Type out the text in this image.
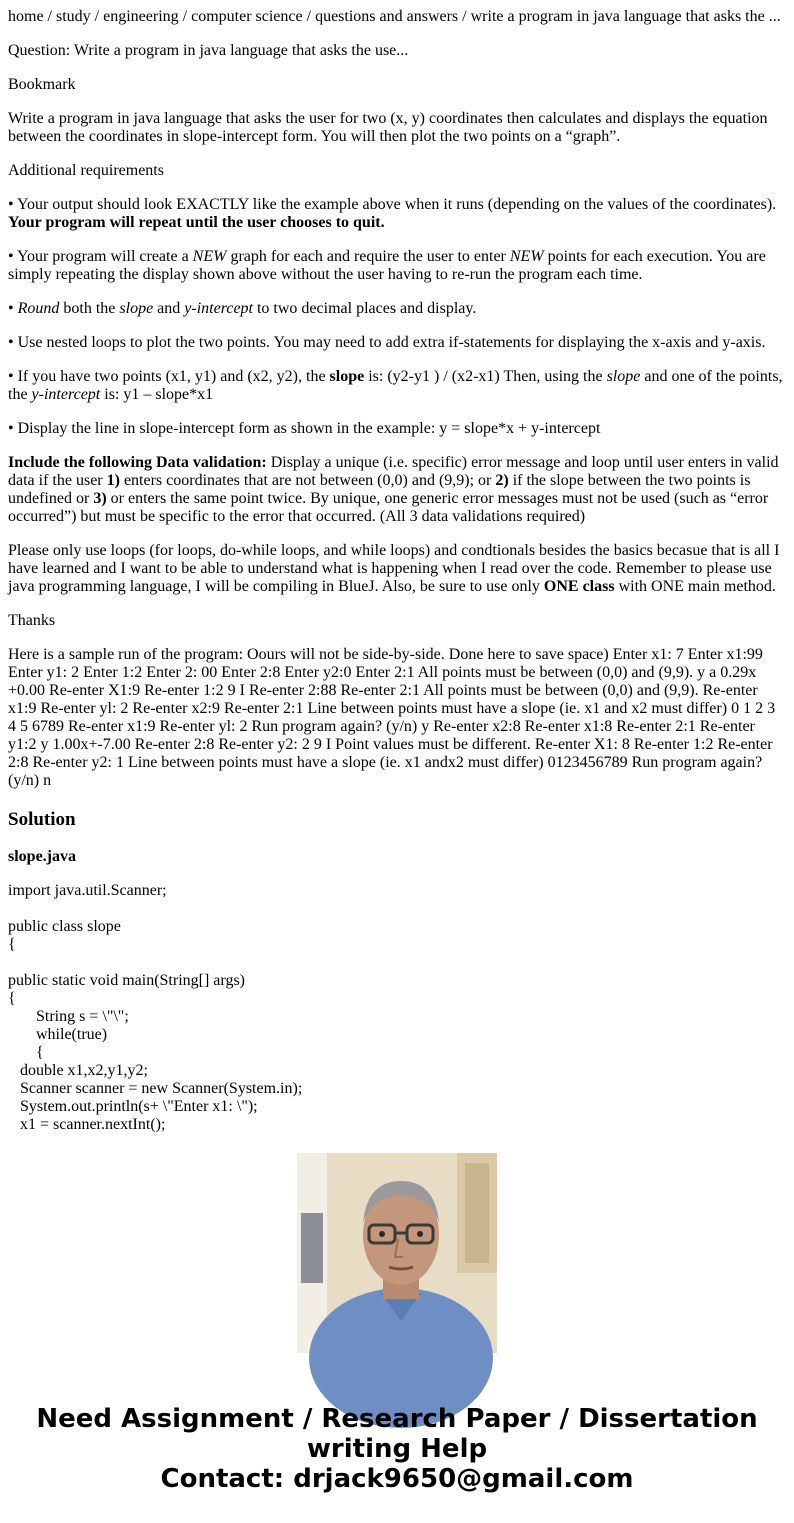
home / study / engineering / computer science / questions and answers / write a program in java language that asks the ...

Question: Write a program in java language that asks the use...

Bookmark

Write a program in java language that asks the user for two (x, y) coordinates then calculates and displays the equation between the coordinates in slope-intercept form. You will then plot the two points on a “graph”.

Additional requirements

• Your output should look EXACTLY like the example above when it runs (depending on the values of the coordinates). Your program will repeat until the user chooses to quit.

• Your program will create a NEW graph for each and require the user to enter NEW points for each execution. You are simply repeating the display shown above without the user having to re-run the program each time.

• Round both the slope and y-intercept to two decimal places and display.

• Use nested loops to plot the two points. You may need to add extra if-statements for displaying the x-axis and y-axis.

• If you have two points (x1, y1) and (x2, y2), the slope is: (y2-y1 ) / (x2-x1) Then, using the slope and one of the points, the y-intercept is: y1 – slope*x1

• Display the line in slope-intercept form as shown in the example: y = slope*x + y-intercept

Include the following Data validation: Display a unique (i.e. specific) error message and loop until user enters in valid data if the user 1) enters coordinates that are not between (0,0) and (9,9); or 2) if the slope between the two points is undefined or 3) or enters the same point twice. By unique, one generic error messages must not be used (such as “error occurred”) but must be specific to the error that occurred. (All 3 data validations required)

Please only use loops (for loops, do-while loops, and while loops) and condtionals besides the basics becasue that is all I have learned and I want to be able to understand what is happening when I read over the code. Remember to please use java programming language, I will be compiling in BlueJ. Also, be sure to use only ONE class with ONE main method.

Thanks

Here is a sample run of the program: Oours will not be side-by-side. Done here to save space) Enter x1: 7 Enter x1:99 Enter y1: 2 Enter 1:2 Enter 2: 00 Enter 2:8 Enter y2:0 Enter 2:1 All points must be between (0,0) and (9,9). y a 0.29x +0.00 Re-enter X1:9 Re-enter 1:2 9 I Re-enter 2:88 Re-enter 2:1 All points must be between (0,0) and (9,9). Re-enter x1:9 Re-enter yl: 2 Re-enter x2:9 Re-enter 2:1 Line between points must have a slope (ie. x1 and x2 must differ) 0 1 2 3 4 5 6789 Re-enter x1:9 Re-enter yl: 2 Run program again? (y/n) y Re-enter x2:8 Re-enter x1:8 Re-enter 2:1 Re-enter y1:2 y 1.00x+-7.00 Re-enter 2:8 Re-enter y2: 2 9 I Point values must be different. Re-enter X1: 8 Re-enter 1:2 Re-enter 2:8 Re-enter y2: 1 Line between points must have a slope (ie. x1 andx2 must differ) 0123456789 Run program again? (y/n) n

Solution

slope.java

import java.util.Scanner;

public class slope

{

public static void main(String[] args)

{

String s = \"\";

while(true)

{

double x1,x2,y1,y2;

Scanner scanner = new Scanner(System.in);

System.out.println(s+ \"Enter x1: \");

x1 = scanner.nextInt();

Need Assignment / Research Paper / Dissertation
writing Help
Contact: drjack9650@gmail.com
